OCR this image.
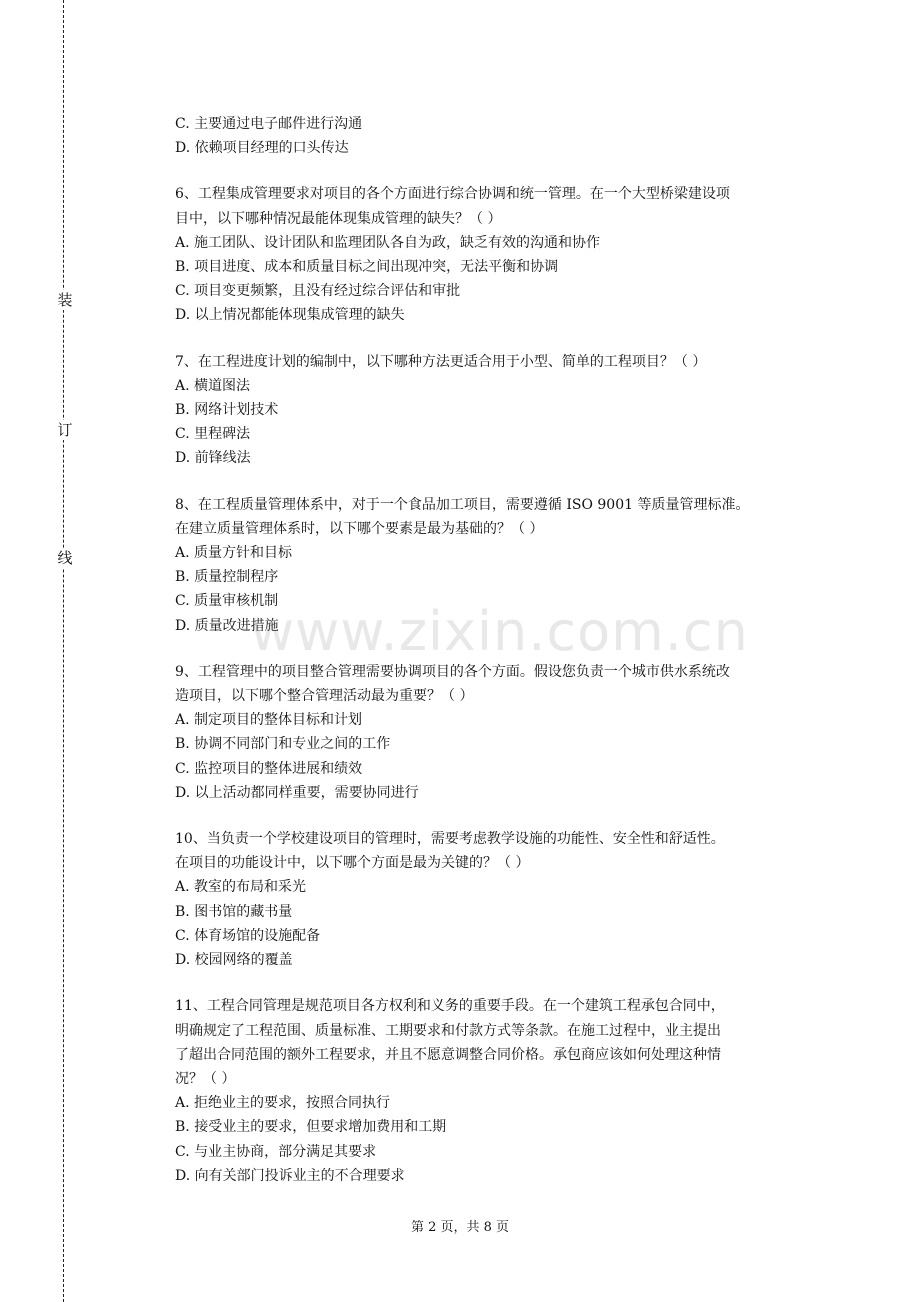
装
订
线

C. 主要通过电子邮件进行沟通

D. 依赖项目经理的口头传达

6、工程集成管理要求对项目的各个方面进行综合协调和统一管理。在一个大型桥梁建设项

目中，以下哪种情况最能体现集成管理的缺失？（ ）

A. 施工团队、设计团队和监理团队各自为政，缺乏有效的沟通和协作

B. 项目进度、成本和质量目标之间出现冲突，无法平衡和协调

C. 项目变更频繁，且没有经过综合评估和审批

D. 以上情况都能体现集成管理的缺失

7、在工程进度计划的编制中，以下哪种方法更适合用于小型、简单的工程项目？（ ）

A. 横道图法

B. 网络计划技术

C. 里程碑法

D. 前锋线法

8、在工程质量管理体系中，对于一个食品加工项目，需要遵循 ISO 9001 等质量管理标准。

在建立质量管理体系时，以下哪个要素是最为基础的？（ ）

A. 质量方针和目标

B. 质量控制程序

C. 质量审核机制

D. 质量改进措施

9、工程管理中的项目整合管理需要协调项目的各个方面。假设您负责一个城市供水系统改

造项目，以下哪个整合管理活动最为重要？（ ）

A. 制定项目的整体目标和计划

B. 协调不同部门和专业之间的工作

C. 监控项目的整体进展和绩效

D. 以上活动都同样重要，需要协同进行

10、当负责一个学校建设项目的管理时，需要考虑教学设施的功能性、安全性和舒适性。

在项目的功能设计中，以下哪个方面是最为关键的？（ ）

A. 教室的布局和采光

B. 图书馆的藏书量

C. 体育场馆的设施配备

D. 校园网络的覆盖

11、工程合同管理是规范项目各方权利和义务的重要手段。在一个建筑工程承包合同中，

明确规定了工程范围、质量标准、工期要求和付款方式等条款。在施工过程中，业主提出

了超出合同范围的额外工程要求，并且不愿意调整合同价格。承包商应该如何处理这种情

况？（ ）

A. 拒绝业主的要求，按照合同执行

B. 接受业主的要求，但要求增加费用和工期

C. 与业主协商，部分满足其要求

D. 向有关部门投诉业主的不合理要求

www.zixin.com.cn
第 2 页，共 8 页
